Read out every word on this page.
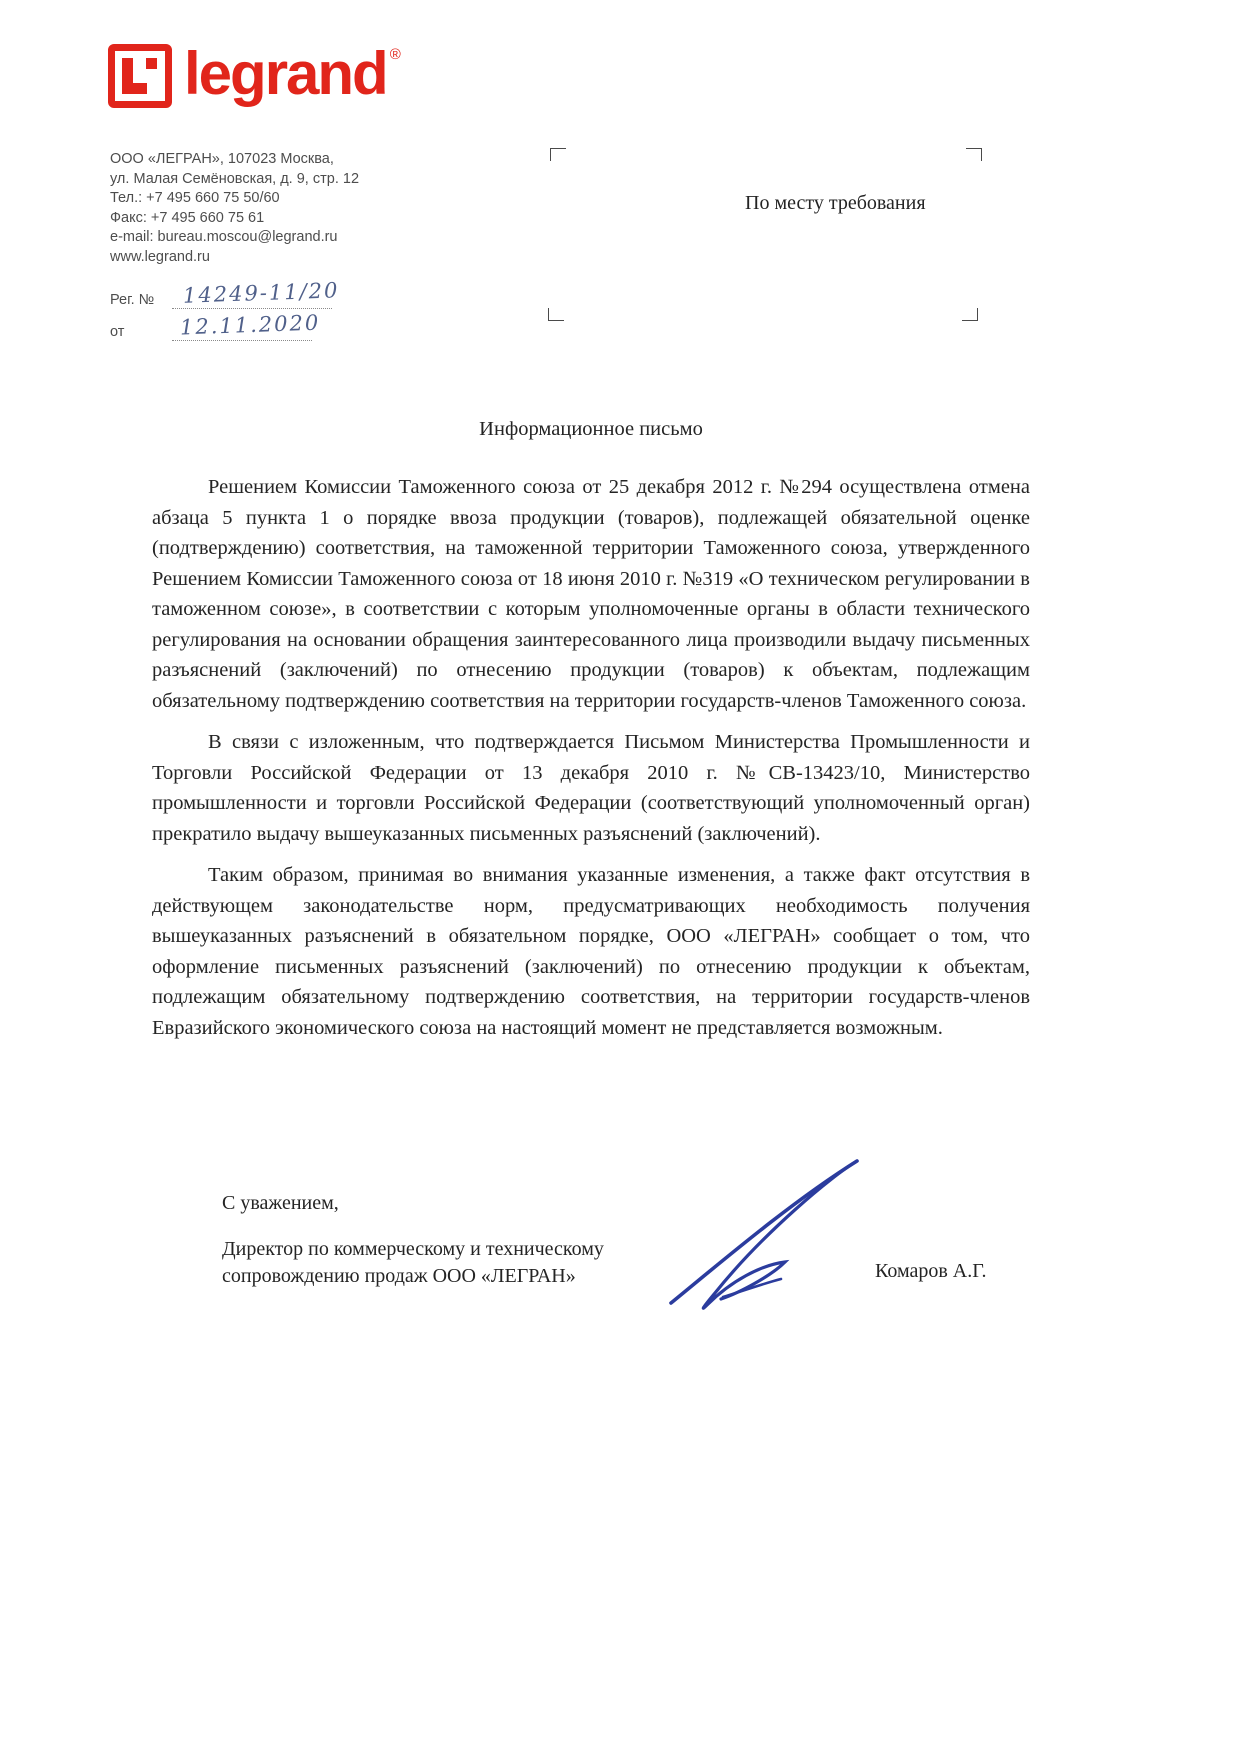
legrand ®
ООО «ЛЕГРАН», 107023 Москва,
ул. Малая Семёновская, д. 9, стр. 12
Тел.: +7 495 660 75 50/60
Факс: +7 495 660 75 61
e-mail: bureau.moscou@legrand.ru
www.legrand.ru
Рег. № 14249-11/20
от	12.11.2020
По месту требования
Информационное письмо

Решением Комиссии Таможенного союза от 25 декабря 2012 г. №294 осуществлена отмена абзаца 5 пункта 1 о порядке ввоза продукции (товаров), подлежащей обязательной оценке (подтверждению) соответствия, на таможенной территории Таможенного союза, утвержденного Решением Комиссии Таможенного союза от 18 июня 2010 г. №319 «О техническом регулировании в таможенном союзе», в соответствии с которым уполномоченные органы в области технического регулирования на основании обращения заинтересованного лица производили выдачу письменных разъяснений (заключений) по отнесению продукции (товаров) к объектам, подлежащим обязательному подтверждению соответствия на территории государств-членов Таможенного союза.

В связи с изложенным, что подтверждается Письмом Министерства Промышленности и Торговли Российской Федерации от 13 декабря 2010 г. №СВ-13423/10, Министерство промышленности и торговли Российской Федерации (соответствующий уполномоченный орган) прекратило выдачу вышеуказанных письменных разъяснений (заключений).

Таким образом, принимая во внимания указанные изменения, а также факт отсутствия в действующем законодательстве норм, предусматривающих необходимость получения вышеуказанных разъяснений в обязательном порядке, ООО «ЛЕГРАН» сообщает о том, что оформление письменных разъяснений (заключений) по отнесению продукции к объектам, подлежащим обязательному подтверждению соответствия, на территории государств-членов Евразийского экономического союза на настоящий момент не представляется возможным.

С уважением,
Директор по коммерческому и техническому
сопровождению продаж ООО «ЛЕГРАН»	Комаров А.Г.
